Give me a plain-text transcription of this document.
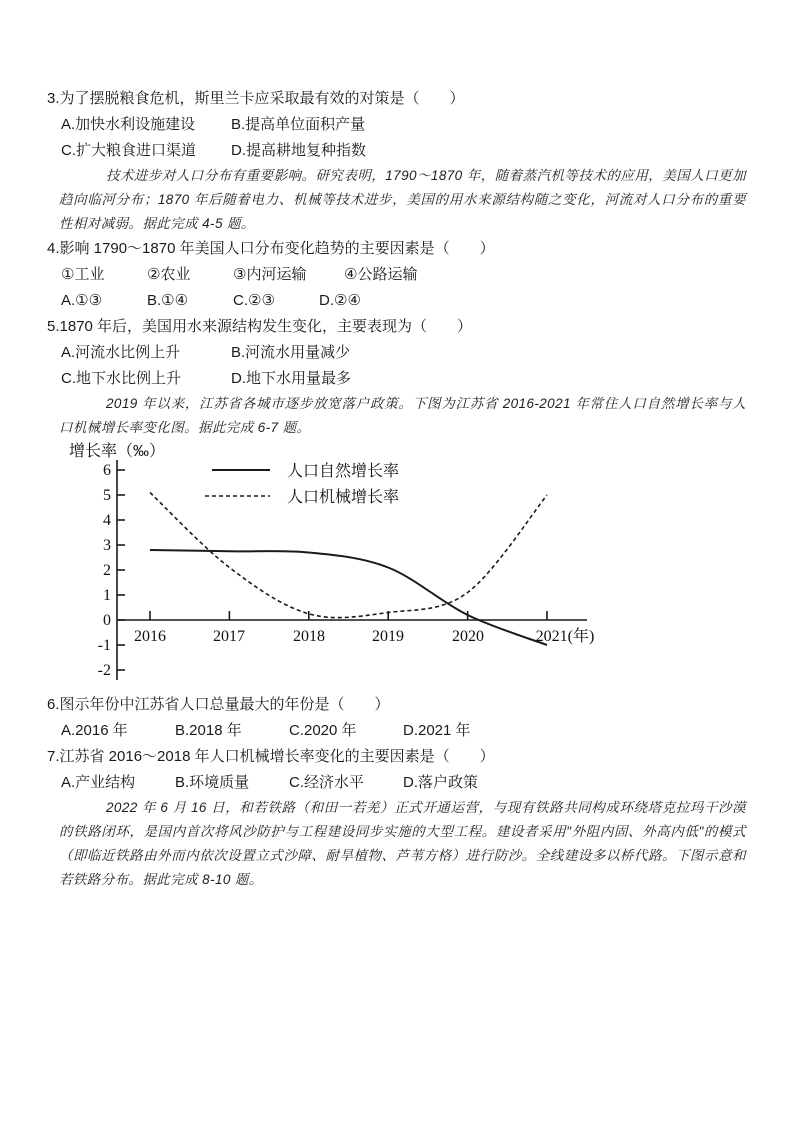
3.为了摆脱粮食危机，斯里兰卡应采取最有效的对策是（　　）
A.加快水利设施建设 B.提高单位面积产量
C.扩大粮食进口渠道 D.提高耕地复种指数

技术进步对人口分布有重要影响。研究表明，1790～1870 年，随着蒸汽机等技术的应用，美国人口更加趋向临河分布；1870 年后随着电力、机械等技术进步，美国的用水来源结构随之变化，河流对人口分布的重要性相对减弱。据此完成 4-5 题。

4.影响 1790～1870 年美国人口分布变化趋势的主要因素是（　　）
①工业	②农业	③内河运输	④公路运输
A.①③	B.①④	C.②③	D.②④
5.1870 年后，美国用水来源结构发生变化，主要表现为（　　）
A.河流水比例上升	B.河流水用量减少
C.地下水比例上升	D.地下水用量最多

2019 年以来，江苏省各城市逐步放宽落户政策。下图为江苏省 2016-2021 年常住人口自然增长率与人口机械增长率变化图。据此完成 6-7 题。

增长率（‰）
6
5
4
3
2
1
0
-1
-2
2016	2017	2018	2019	2020	2021(年)
人口自然增长率
人口机械增长率
6.图示年份中江苏省人口总量最大的年份是（　　）
A.2016 年	B.2018 年	C.2020 年	D.2021 年
7.江苏省 2016～2018 年人口机械增长率变化的主要因素是（　　）
A.产业结构	B.环境质量	C.经济水平	D.落户政策

2022 年 6 月 16 日，和若铁路（和田一若羌）正式开通运营，与现有铁路共同构成环绕塔克拉玛干沙漠的铁路闭环，是国内首次将风沙防护与工程建设同步实施的大型工程。建设者采用"外阻内固、外高内低"的模式（即临近铁路由外而内依次设置立式沙障、耐旱植物、芦苇方格）进行防沙。全线建设多以桥代路。下图示意和若铁路分布。据此完成 8-10 题。
